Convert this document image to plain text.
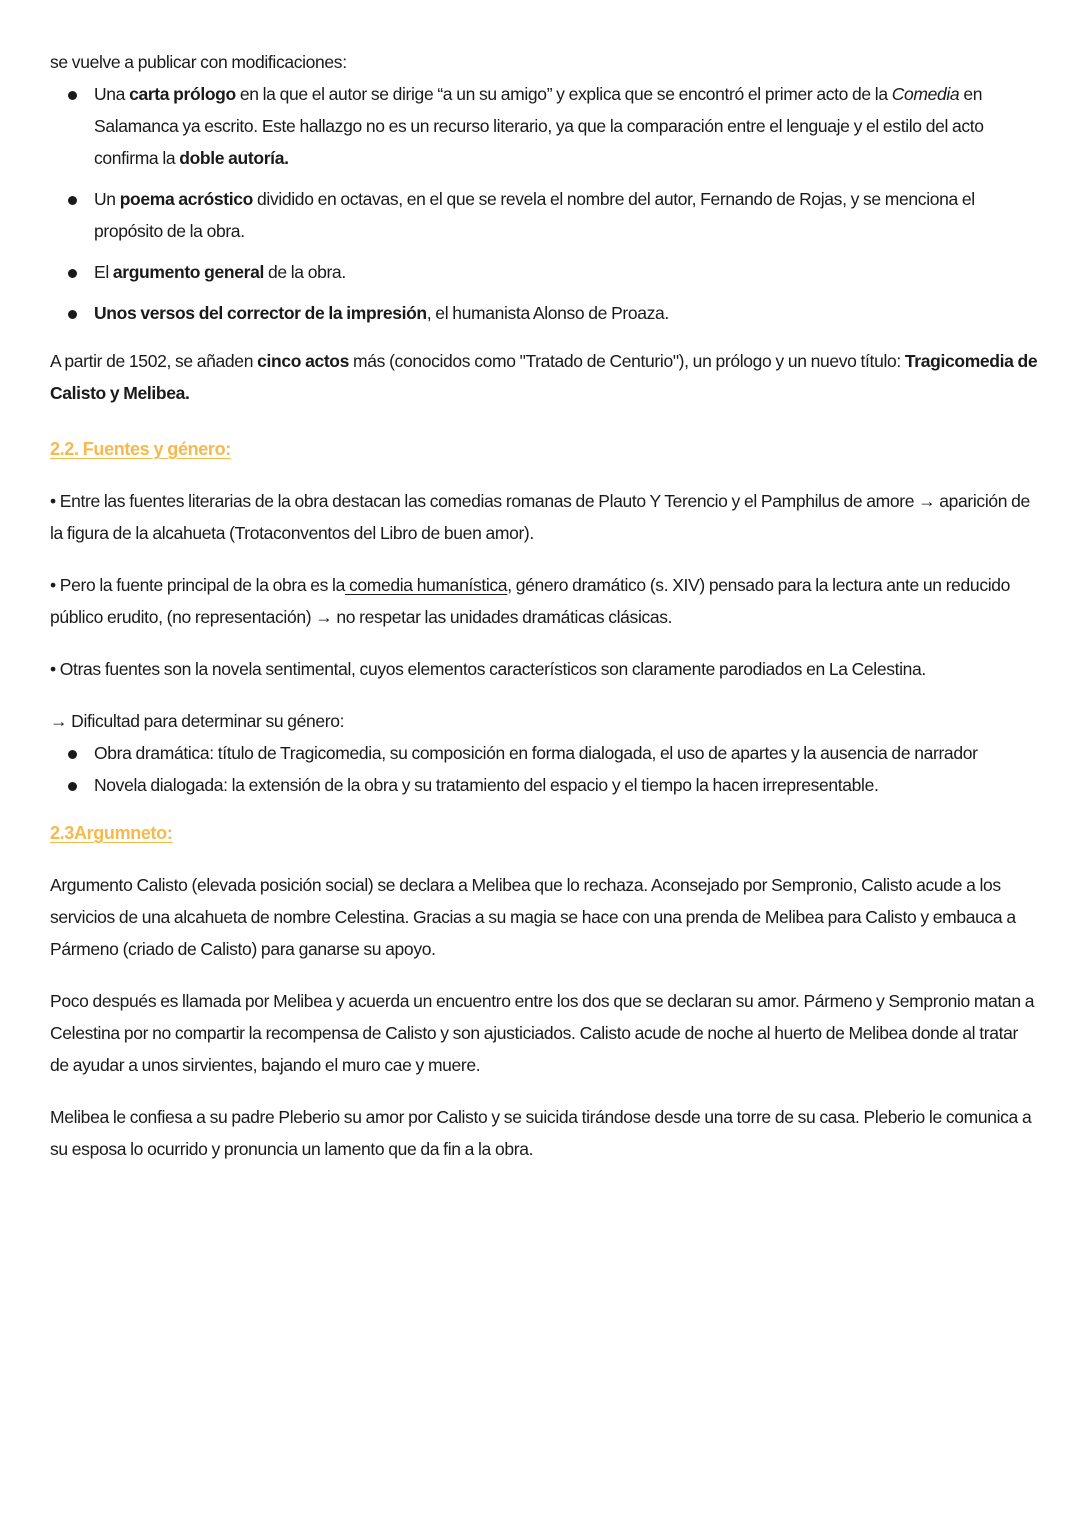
se vuelve a publicar con modificaciones:

Una carta prólogo en la que el autor se dirige “a un su amigo” y explica que se encontró el primer acto de la Comedia en Salamanca ya escrito. Este hallazgo no es un recurso literario, ya que la comparación entre el lenguaje y el estilo del acto confirma la doble autoría.
Un poema acróstico dividido en octavas, en el que se revela el nombre del autor, Fernando de Rojas, y se menciona el propósito de la obra.
El argumento general de la obra.
Unos versos del corrector de la impresión, el humanista Alonso de Proaza.

A partir de 1502, se añaden cinco actos más (conocidos como "Tratado de Centurio"), un prólogo y un nuevo título: Tragicomedia de Calisto y Melibea.

2.2. Fuentes y género:

• Entre las fuentes literarias de la obra destacan las comedias romanas de Plauto Y Terencio y el Pamphilus de amore → aparición de la figura de la alcahueta (Trotaconventos del Libro de buen amor).

• Pero la fuente principal de la obra es la comedia humanística, género dramático (s. XIV) pensado para la lectura ante un reducido público erudito, (no representación) → no respetar las unidades dramáticas clásicas.

• Otras fuentes son la novela sentimental, cuyos elementos característicos son claramente parodiados en La Celestina.

→ Dificultad para determinar su género:

Obra dramática: título de Tragicomedia, su composición en forma dialogada, el uso de apartes y la ausencia de narrador
Novela dialogada: la extensión de la obra y su tratamiento del espacio y el tiempo la hacen irrepresentable.

2.3Argumneto:

Argumento Calisto (elevada posición social) se declara a Melibea que lo rechaza. Aconsejado por Sempronio, Calisto acude a los servicios de una alcahueta de nombre Celestina. Gracias a su magia se hace con una prenda de Melibea para Calisto y embauca a Pármeno (criado de Calisto) para ganarse su apoyo.

Poco después es llamada por Melibea y acuerda un encuentro entre los dos que se declaran su amor. Pármeno y Sempronio matan a Celestina por no compartir la recompensa de Calisto y son ajusticiados. Calisto acude de noche al huerto de Melibea donde al tratar de ayudar a unos sirvientes, bajando el muro cae y muere.

Melibea le confiesa a su padre Pleberio su amor por Calisto y se suicida tirándose desde una torre de su casa. Pleberio le comunica a su esposa lo ocurrido y pronuncia un lamento que da fin a la obra.
